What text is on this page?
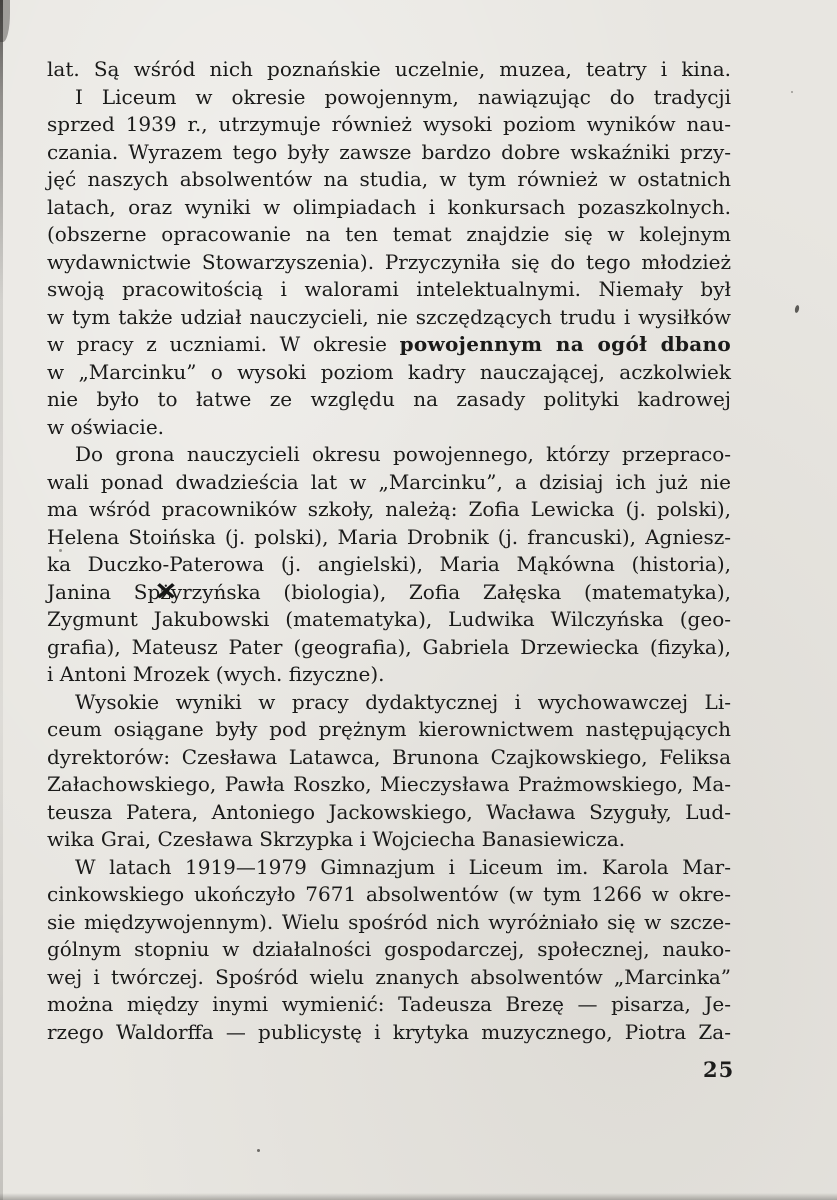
lat. Są wśród nich poznańskie uczelnie, muzea, teatry i kina.
I Liceum w okresie powojennym, nawiązując do tradycji
sprzed 1939 r., utrzymuje również wysoki poziom wyników nau-
czania. Wyrazem tego były zawsze bardzo dobre wskaźniki przy-
jęć naszych absolwentów na studia, w tym również w ostatnich
latach, oraz wyniki w olimpiadach i konkursach pozaszkolnych.
(obszerne opracowanie na ten temat znajdzie się w kolejnym
wydawnictwie Stowarzyszenia). Przyczyniła się do tego młodzież
swoją pracowitością i walorami intelektualnymi. Niemały był
w tym także udział nauczycieli, nie szczędzących trudu i wysiłków
w pracy z uczniami. W okresie powojennym na ogół dbano
w „Marcinku” o wysoki poziom kadry nauczającej, aczkolwiek
nie było to łatwe ze względu na zasady polityki kadrowej
w oświacie.
Do grona nauczycieli okresu powojennego, którzy przepraco-
wali ponad dwadzieścia lat w „Marcinku”, a dzisiaj ich już nie
ma wśród pracowników szkoły, należą: Zofia Lewicka (j. polski),
Helena Stoińska (j. polski), Maria Drobnik (j. francuski), Agniesz-
ka Duczko-Paterowa (j. angielski), Maria Mąkówna (historia),
Janina Spż ✕yrzyńska (biologia), Zofia Załęska (matematyka),
Zygmunt Jakubowski (matematyka), Ludwika Wilczyńska (geo-
grafia), Mateusz Pater (geografia), Gabriela Drzewiecka (fizyka),
i Antoni Mrozek (wych. fizyczne).
Wysokie wyniki w pracy dydaktycznej i wychowawczej Li-
ceum osiągane były pod prężnym kierownictwem następujących
dyrektorów: Czesława Latawca, Brunona Czajkowskiego, Feliksa
Załachowskiego, Pawła Roszko, Mieczysława Prażmowskiego, Ma-
teusza Patera, Antoniego Jackowskiego, Wacława Szyguły, Lud-
wika Grai, Czesława Skrzypka i Wojciecha Banasiewicza.
W latach 1919—1979 Gimnazjum i Liceum im. Karola Mar-
cinkowskiego ukończyło 7671 absolwentów (w tym 1266 w okre-
sie międzywojennym). Wielu spośród nich wyróżniało się w szcze-
gólnym stopniu w działalności gospodarczej, społecznej, nauko-
wej i twórczej. Spośród wielu znanych absolwentów „Marcinka”
można między inymi wymienić: Tadeusza Brezę — pisarza, Je-
rzego Waldorffa — publicystę i krytyka muzycznego, Piotra Za-
25
